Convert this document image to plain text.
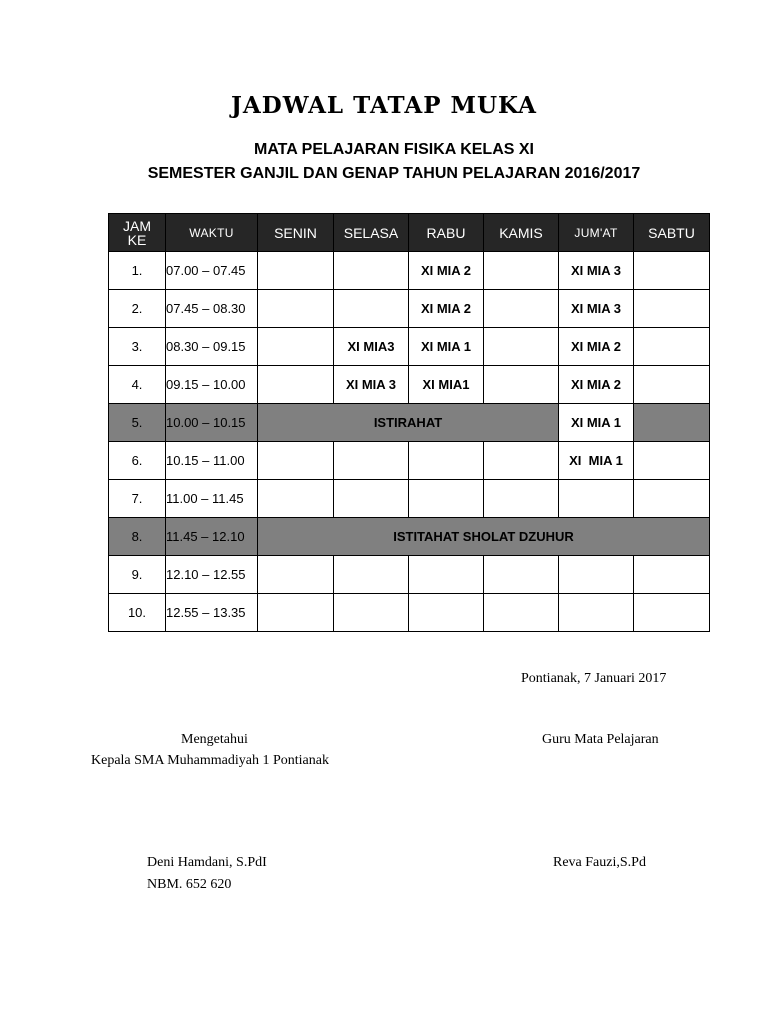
JADWAL TATAP MUKA
MATA PELAJARAN FISIKA KELAS XI
SEMESTER GANJIL DAN GENAP TAHUN PELAJARAN 2016/2017
JAM
KE	WAKTU	SENIN	SELASA	RABU	KAMIS	JUM'AT	SABTU
1.	07.00 – 07.45			XI MIA 2		XI MIA 3	
2.	07.45 – 08.30			XI MIA 2		XI MIA 3	
3.	08.30 – 09.15		XI MIA3	XI MIA 1		XI MIA 2	
4.	09.15 – 10.00		XI MIA 3	XI MIA1		XI MIA 2	
5.	10.00 – 10.15	ISTIRAHAT				XI MIA 1	
6.	10.15 – 11.00					XI  MIA 1	
7.	11.00 – 11.45						
8.	11.45 – 12.10	ISTITAHAT SHOLAT DZUHUR					
9.	12.10 – 12.55						
10.	12.55 – 13.35						
Pontianak, 7 Januari 2017
Mengetahui
Kepala SMA Muhammadiyah 1 Pontianak
Guru Mata Pelajaran
Deni Hamdani, S.PdI
NBM. 652 620
Reva Fauzi,S.Pd
